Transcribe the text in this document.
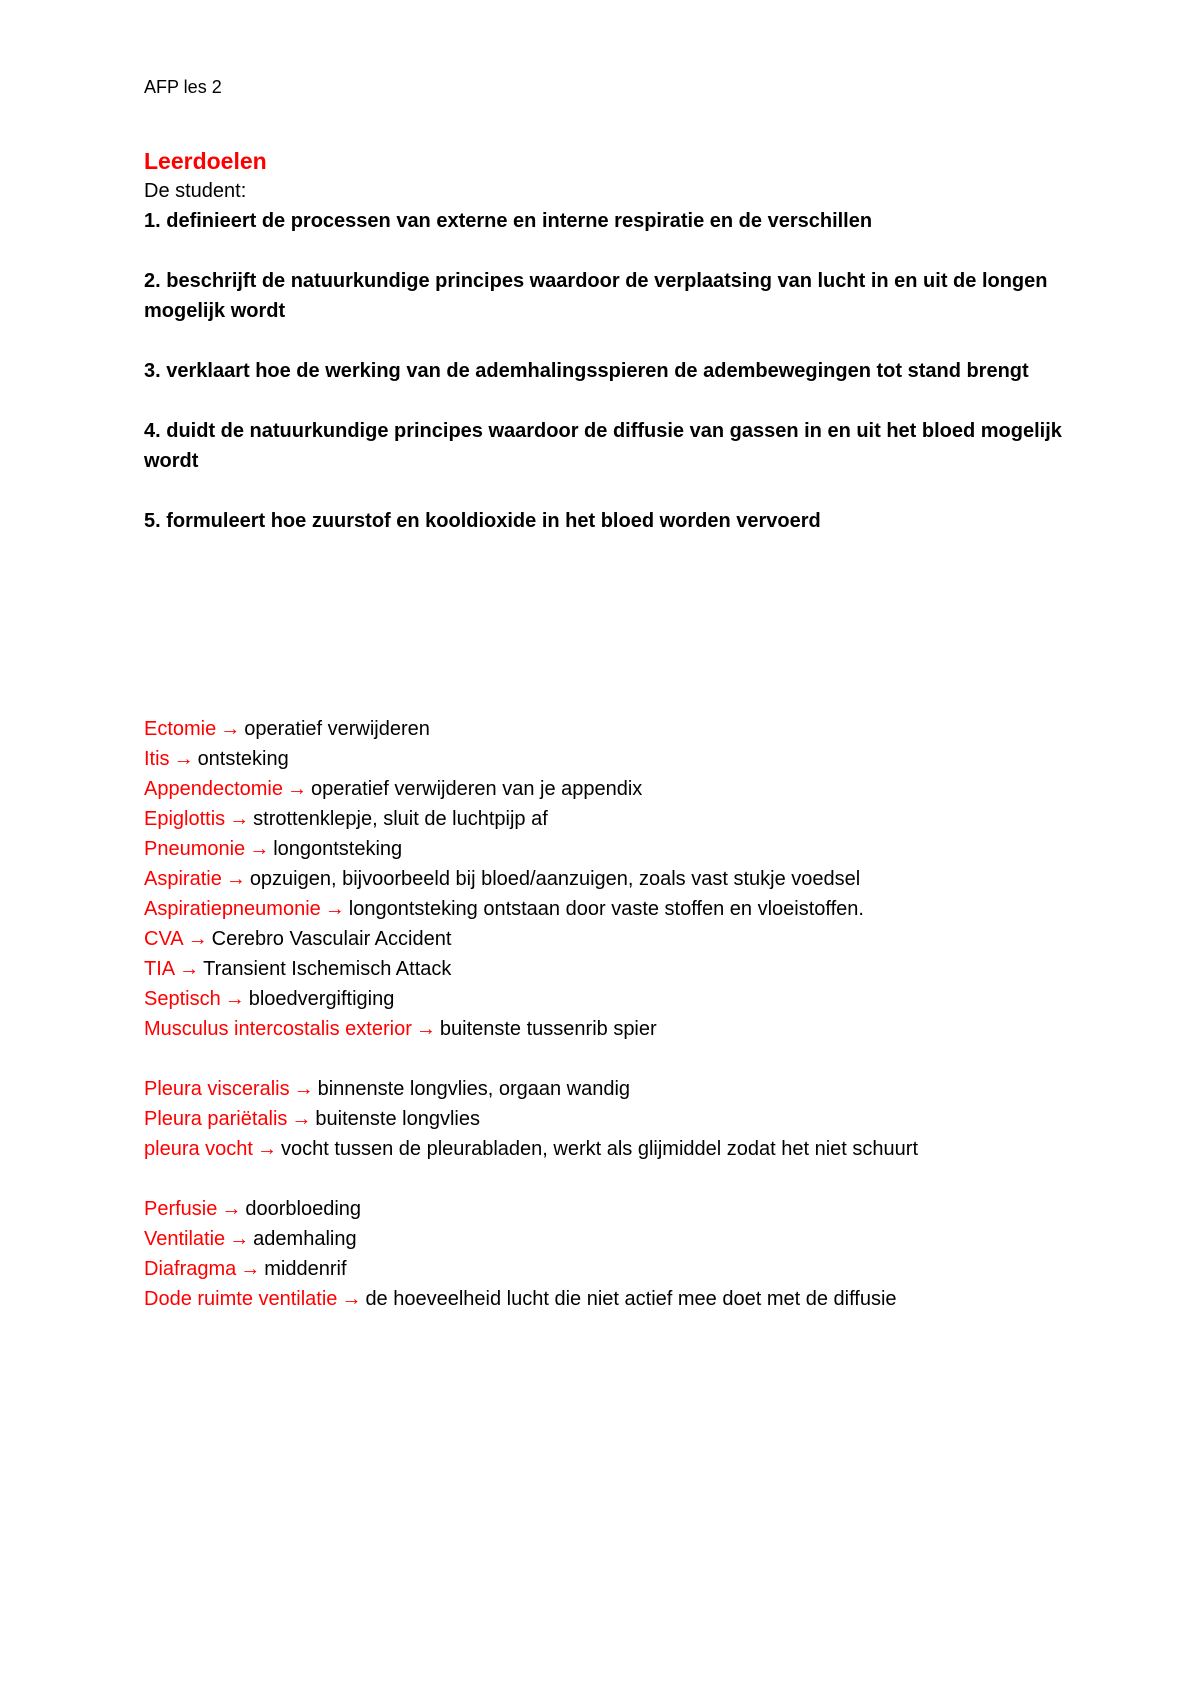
AFP les 2

Leerdoelen

De student:

1. definieert de processen van externe en interne respiratie en de verschillen
2. beschrijft de natuurkundige principes waardoor de verplaatsing van lucht in en uit de longen mogelijk wordt
3. verklaart hoe de werking van de ademhalingsspieren de adembewegingen tot stand brengt
4. duidt de natuurkundige principes waardoor de diffusie van gassen in en uit het bloed mogelijk wordt
5. formuleert hoe zuurstof en kooldioxide in het bloed worden vervoerd
Ectomie → operatief verwijderen
Itis → ontsteking
Appendectomie → operatief verwijderen van je appendix
Epiglottis → strottenklepje, sluit de luchtpijp af
Pneumonie → longontsteking
Aspiratie → opzuigen, bijvoorbeeld bij bloed/aanzuigen, zoals vast stukje voedsel
Aspiratiepneumonie → longontsteking ontstaan door vaste stoffen en vloeistoffen.
CVA → Cerebro Vasculair Accident
TIA → Transient Ischemisch Attack
Septisch → bloedvergiftiging
Musculus intercostalis exterior → buitenste tussenrib spier
Pleura visceralis → binnenste longvlies, orgaan wandig
Pleura pariëtalis → buitenste longvlies
pleura vocht → vocht tussen de pleurabladen, werkt als glijmiddel zodat het niet schuurt
Perfusie → doorbloeding
Ventilatie → ademhaling
Diafragma → middenrif
Dode ruimte ventilatie → de hoeveelheid lucht die niet actief mee doet met de diffusie
